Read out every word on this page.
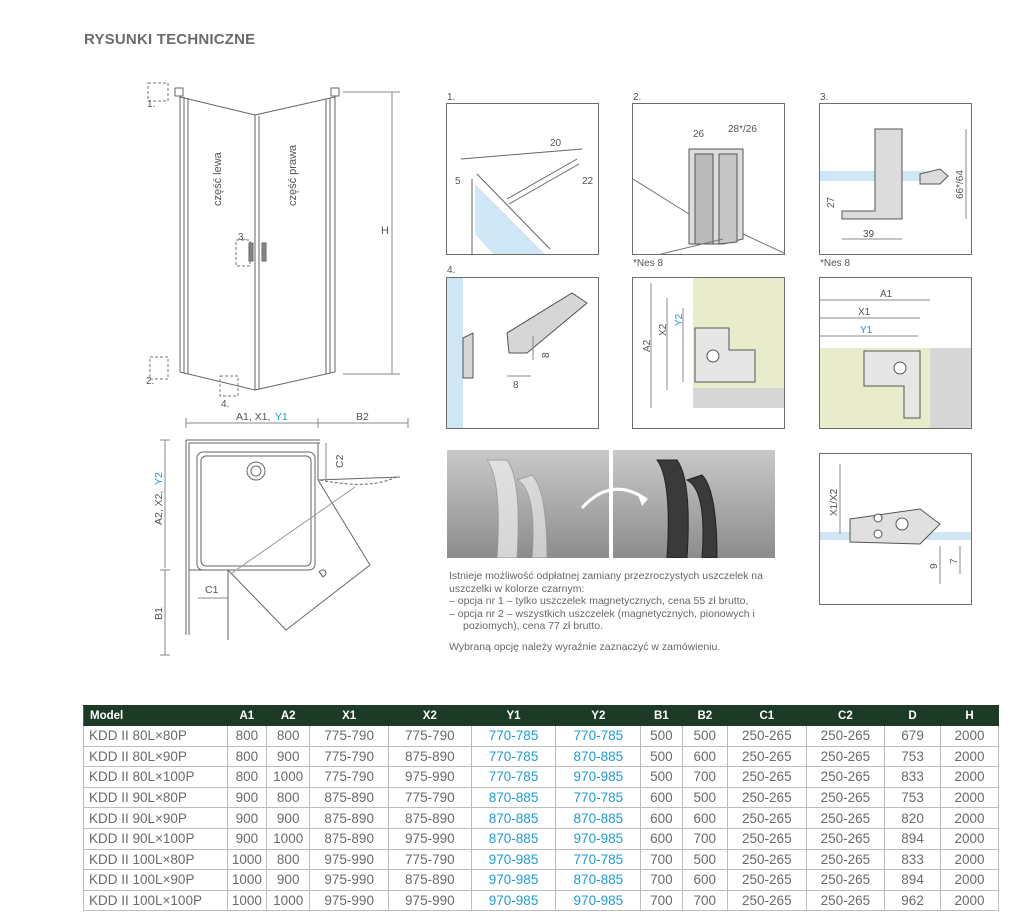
RYSUNKI TECHNICZNE
H
część lewa	część prawa
1.
2.
3.
4.
A1, X1, Y1	B2
A2, X2,
Y2
B1
C1
C2
D
1.
20
5	22
2.
26 28*/26
*Nes 8
3.
39
27
66*/64
*Nes 8
4.
8
8
A2
X2
Y2
A1
X1
Y1
X1/X2
9
7

Istnieje możliwość odpłatnej zamiany przezroczystych uszczelek na uszczelki w kolorze czarnym:

– opcja nr 1 – tylko uszczelek magnetycznych, cena 55 zł brutto,

– opcja nr 2 – wszystkich uszczelek (magnetycznych, pionowych i poziomych), cena 77 zł brutto.

Wybraną opcję należy wyraźnie zaznaczyć w zamówieniu.

Model	A1	A2	X1	X2	Y1	Y2	B1	B2	C1	C2	D	H
KDD II 80L×80P	800	800	775-790	775-790	770-785	770-785	500	500	250-265	250-265	679	2000
KDD II 80L×90P	800	900	775-790	875-890	770-785	870-885	500	600	250-265	250-265	753	2000
KDD II 80L×100P	800	1000	775-790	975-990	770-785	970-985	500	700	250-265	250-265	833	2000
KDD II 90L×80P	900	800	875-890	775-790	870-885	770-785	600	500	250-265	250-265	753	2000
KDD II 90L×90P	900	900	875-890	875-890	870-885	870-885	600	600	250-265	250-265	820	2000
KDD II 90L×100P	900	1000	875-890	975-990	870-885	970-985	600	700	250-265	250-265	894	2000
KDD II 100L×80P	1000	800	975-990	775-790	970-985	770-785	700	500	250-265	250-265	833	2000
KDD II 100L×90P	1000	900	975-990	875-890	970-985	870-885	700	600	250-265	250-265	894	2000
KDD II 100L×100P	1000	1000	975-990	975-990	970-985	970-985	700	700	250-265	250-265	962	2000
